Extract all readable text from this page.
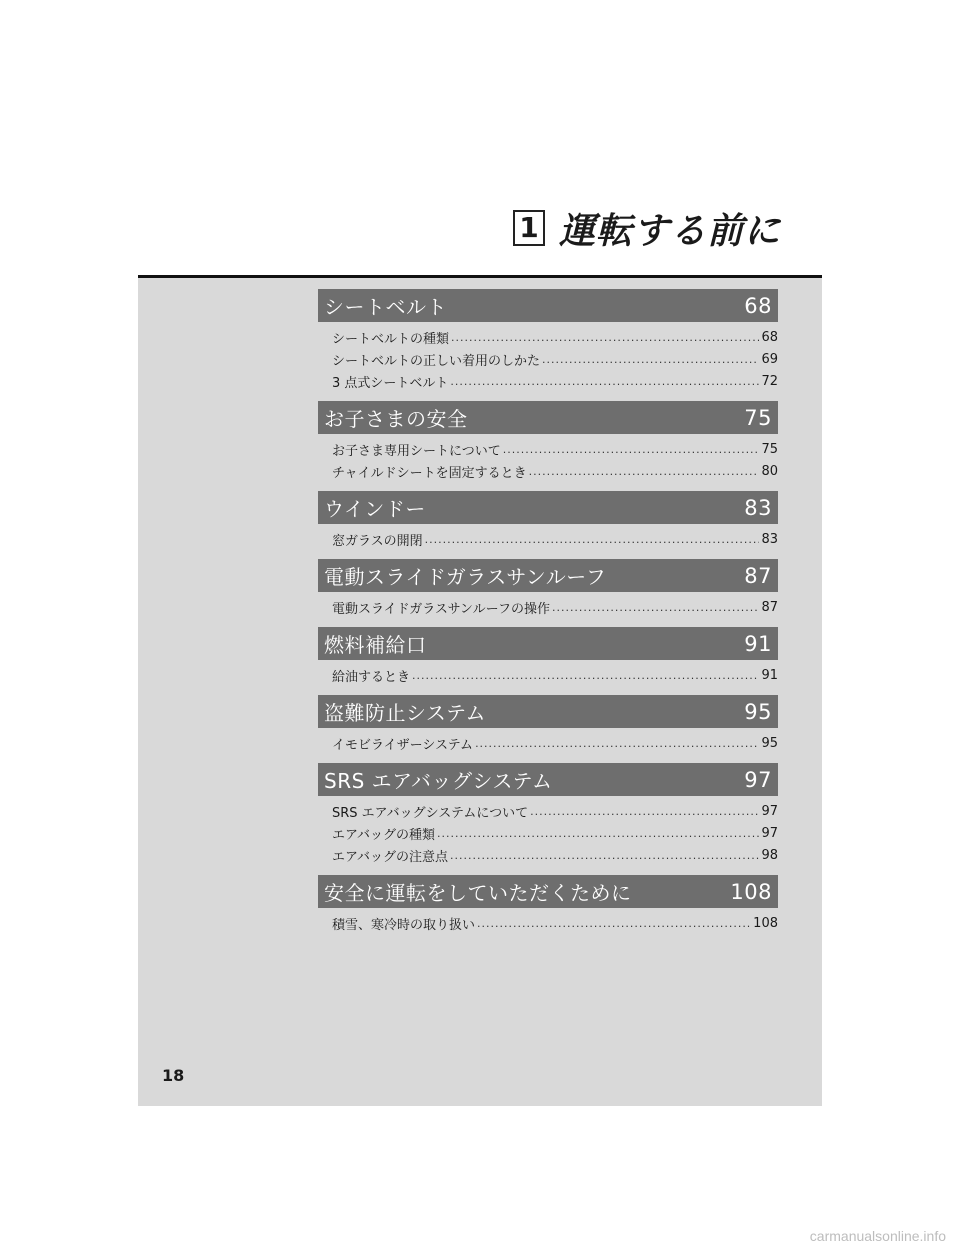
1 運転する前に
シートベルト	68
シートベルトの種類 .....	68
シートベルトの正しい着用のしかた .....	69
3 点式シートベルト .....	72
お子さまの安全	75
お子さま専用シートについて .....	75
チャイルドシートを固定するとき .....	80
ウインドー	83
窓ガラスの開閉 .....	83
電動スライドガラスサンルーフ	87
電動スライドガラスサンルーフの操作 .....	87
燃料補給口	91
給油するとき .....	91
盗難防止システム	95
イモビライザーシステム .....	95
SRS エアバッグシステム	97
SRS エアバッグシステムについて .....	97
エアバッグの種類 .....	97
エアバッグの注意点 .....	98
安全に運転をしていただくために	108
積雪、寒冷時の取り扱い .....	108
18
carmanualsonline.info
